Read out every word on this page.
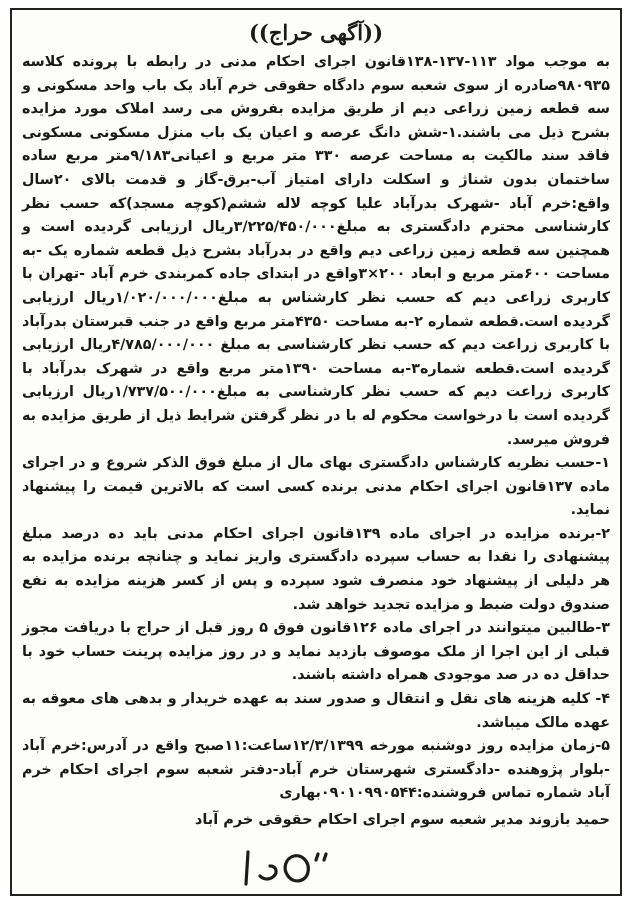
((آگهی حراج))

به موجب مواد ۱۱۳-۱۳۷-۱۳۸قانون اجرای احکام مدنی در رابطه با پرونده کلاسه ۹۸۰۹۳۵صادره از سوی شعبه سوم دادگاه حقوقی خرم آباد یک باب واحد مسکونی و سه قطعه زمین زراعی دیم از طریق مزایده بفروش می رسد املاک مورد مزایده بشرح ذیل می باشند.۱-شش دانگ عرصه و اعیان یک باب منزل مسکونی مسکونی فاقد سند مالکیت به مساحت عرصه ۳۳۰ متر مربع و اعیانی۹/۱۸۳متر مربع ساده ساختمان بدون شناژ و اسکلت دارای امتیاز آب-برق-گاز و قدمت بالای ۲۰سال واقع:خرم آباد -شهرک بدرآباد علیا کوچه لاله ششم(کوچه مسجد)که حسب نظر کارشناسی محترم دادگستری به مبلغ۳/۲۲۵/۴۵۰/۰۰۰ریال ارزیابی گردیده است و همچنین سه قطعه زمین زراعی دیم واقع در بدرآباد بشرح ذیل قطعه شماره یک -به مساحت ۶۰۰متر مربع و ابعاد ۲۰۰×۳واقع در ابتدای جاده کمربندی خرم آباد -تهران با کاربری زراعی دیم که حسب نظر کارشناس به مبلغ۱/۰۲۰/۰۰۰/۰۰۰ریال ارزیابی گردیده است.قطعه شماره ۲-به مساحت ۴۳۵۰متر مربع واقع در جنب قبرستان بدرآباد با کاربری زراعت دیم که حسب نظر کارشناسی به مبلغ ۴/۷۸۵/۰۰۰/۰۰۰ریال ارزیابی گردیده است.قطعه شماره۳-به مساحت ۱۳۹۰متر مربع واقع در شهرک بدرآباد با کاربری زراعت دیم که حسب نظر کارشناسی به مبلغ۱/۷۳۷/۵۰۰/۰۰۰ریال ارزیابی گردیده است با درخواست محکوم له با در نظر گرفتن شرایط ذیل از طریق مزایده به فروش میرسد.

۱-حسب نظریه کارشناس دادگستری بهای مال از مبلغ فوق الذکر شروع و در اجرای ماده ۱۳۷قانون اجرای احکام مدنی برنده کسی است که بالاترین قیمت را پیشنهاد نماید.

۲-برنده مزایده در اجرای ماده ۱۳۹قانون اجرای احکام مدنی باید ده درصد مبلغ پیشنهادی را نقدا به حساب سپرده دادگستری واریز نماید و چنانچه برنده مزایده به هر دلیلی از پیشنهاد خود منصرف شود سپرده و پس از کسر هزینه مزایده به نفع صندوق دولت ضبط و مزایده تجدید خواهد شد.

۳-طالبین میتوانند در اجرای ماده ۱۲۶قانون فوق ۵ روز قبل از حراج با دریافت مجوز قبلی از این اجرا از ملک موصوف بازدید نماید و در روز مزایده پرینت حساب خود با حداقل ده در صد موجودی همراه داشته باشند.

۴- کلیه هزینه های نقل و انتقال و صدور سند به عهده خریدار و بدهی های معوقه به عهده مالک میباشد.

۵-زمان مزایده روز دوشنبه مورخه ۱۲/۳/۱۳۹۹ساعت:۱۱صبح واقع در آدرس:خرم آباد -بلوار پژوهنده -دادگستری شهرستان خرم آباد-دفتر شعبه سوم اجرای احکام خرم آباد شماره تماس فروشنده:۰۹۰۱۰۹۹۰۵۴۴بهاری

حمید بازوند مدیر شعبه سوم اجرای احکام حقوقی خرم آباد
